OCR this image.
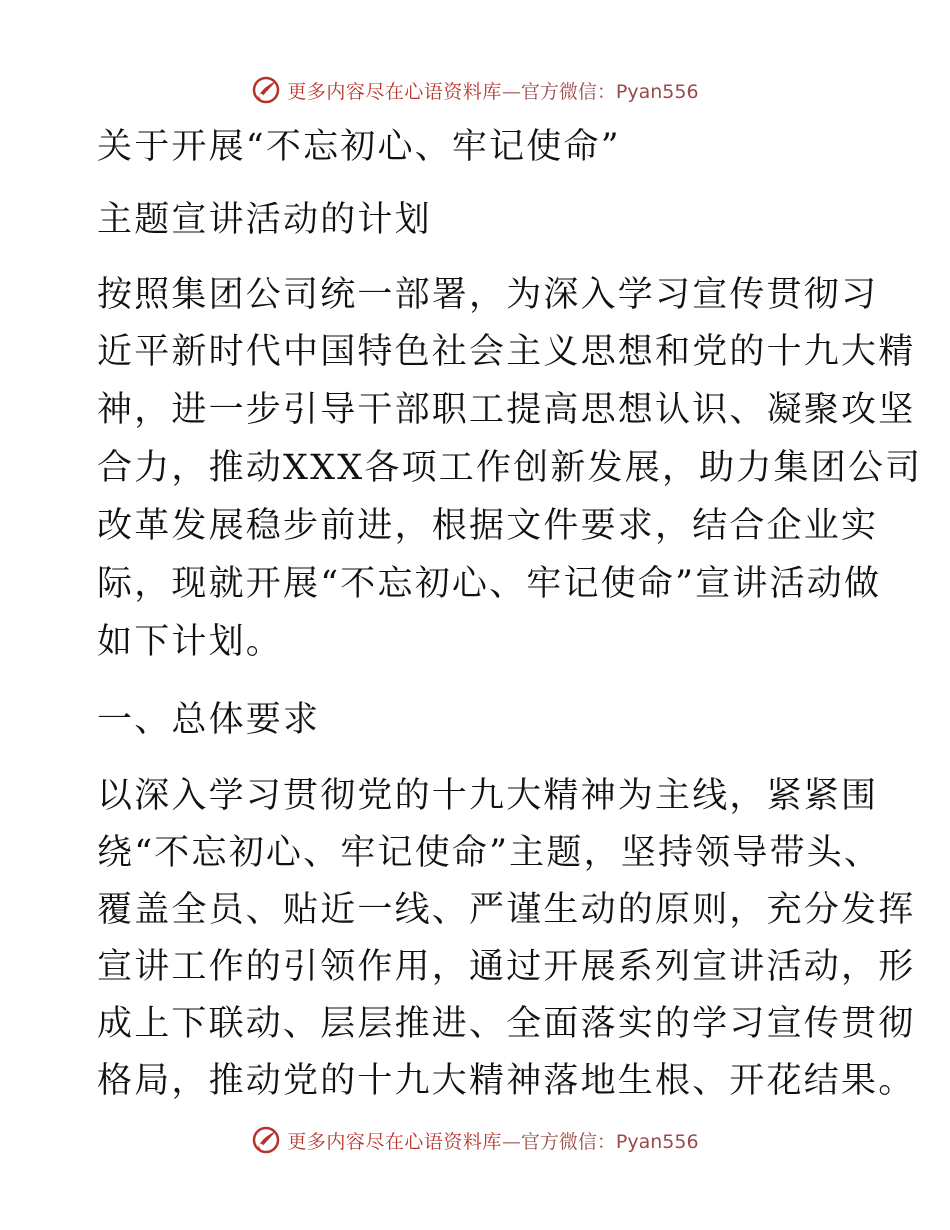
更多内容尽在心语资料库 —官方微信：Pyan556
关于开展“不忘初心、牢记使命”
主题宣讲活动的计划
按照集团公司统一部署，为深入学习宣传贯彻习
近平新时代中国特色社会主义思想和党的十九大精
神，进一步引导干部职工提高思想认识、凝聚攻坚
合力，推动XXX各项工作创新发展，助力集团公司
改革发展稳步前进，根据文件要求，结合企业实
际，现就开展“不忘初心、牢记使命”宣讲活动做
如下计划。
一、总体要求
以深入学习贯彻党的十九大精神为主线，紧紧围
绕“不忘初心、牢记使命”主题，坚持领导带头、
覆盖全员、贴近一线、严谨生动的原则，充分发挥
宣讲工作的引领作用，通过开展系列宣讲活动，形
成上下联动、层层推进、全面落实的学习宣传贯彻
格局，推动党的十九大精神落地生根、开花结果。
更多内容尽在心语资料库 —官方微信：Pyan556
